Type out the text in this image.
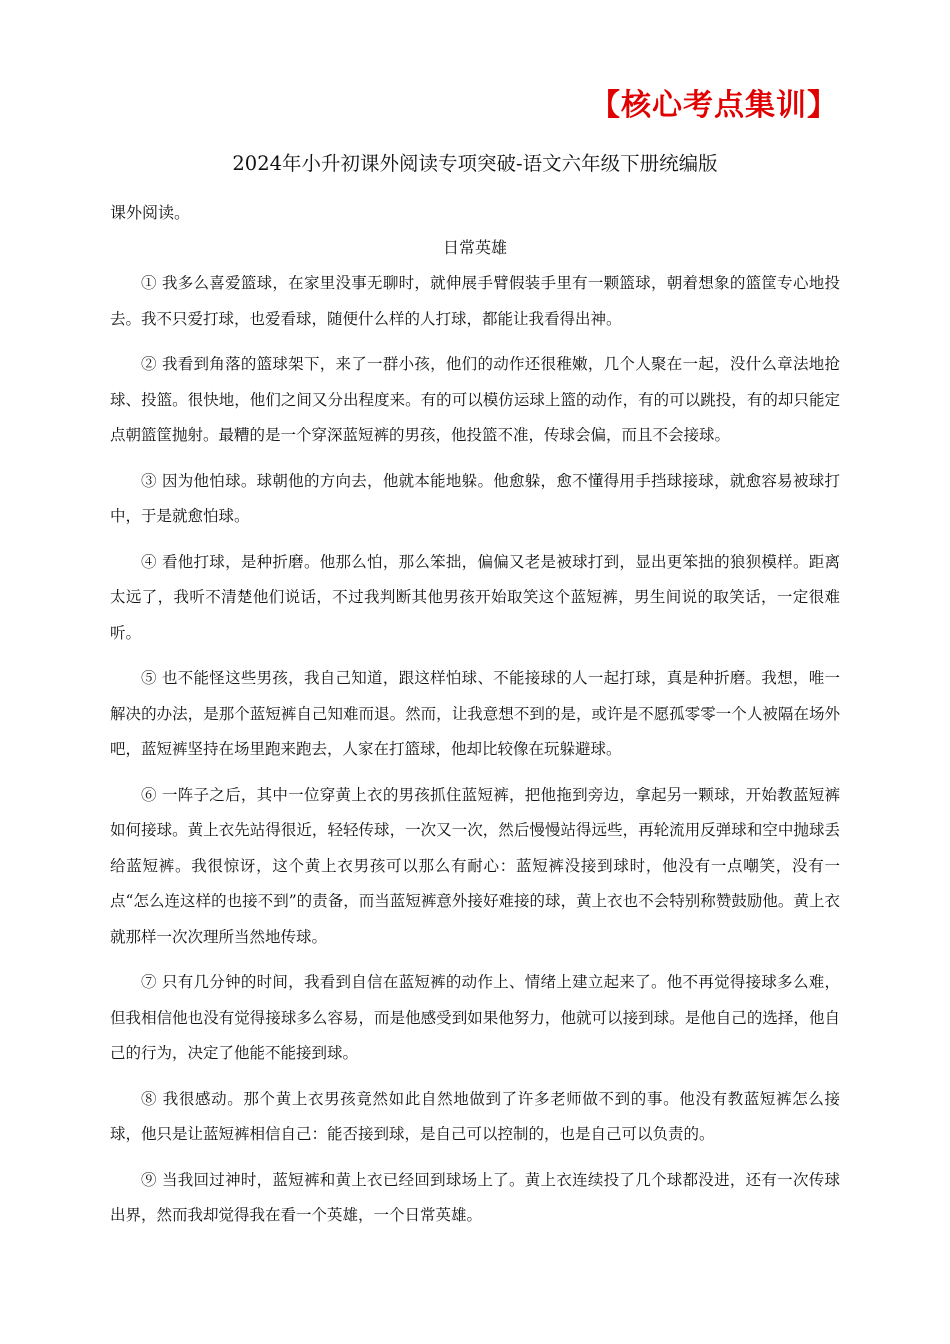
【核心考点集训】
2024年小升初课外阅读专项突破-语文六年级下册统编版
课外阅读。
日常英雄

① 我多么喜爱篮球，在家里没事无聊时，就伸展手臂假装手里有一颗篮球，朝着想象的篮筐专心地投去。我不只爱打球，也爱看球，随便什么样的人打球，都能让我看得出神。

② 我看到角落的篮球架下，来了一群小孩，他们的动作还很稚嫩，几个人聚在一起，没什么章法地抢球、投篮。很快地，他们之间又分出程度来。有的可以模仿运球上篮的动作，有的可以跳投，有的却只能定点朝篮筐抛射。最糟的是一个穿深蓝短裤的男孩，他投篮不准，传球会偏，而且不会接球。

③ 因为他怕球。球朝他的方向去，他就本能地躲。他愈躲，愈不懂得用手挡球接球，就愈容易被球打中，于是就愈怕球。

④ 看他打球，是种折磨。他那么怕，那么笨拙，偏偏又老是被球打到，显出更笨拙的狼狈模样。距离太远了，我听不清楚他们说话，不过我判断其他男孩开始取笑这个蓝短裤，男生间说的取笑话，一定很难听。

⑤ 也不能怪这些男孩，我自己知道，跟这样怕球、不能接球的人一起打球，真是种折磨。我想，唯一解决的办法，是那个蓝短裤自己知难而退。然而，让我意想不到的是，或许是不愿孤零零一个人被隔在场外吧，蓝短裤坚持在场里跑来跑去，人家在打篮球，他却比较像在玩躲避球。

⑥ 一阵子之后，其中一位穿黄上衣的男孩抓住蓝短裤，把他拖到旁边，拿起另一颗球，开始教蓝短裤如何接球。黄上衣先站得很近，轻轻传球，一次又一次，然后慢慢站得远些，再轮流用反弹球和空中抛球丢给蓝短裤。我很惊讶，这个黄上衣男孩可以那么有耐心：蓝短裤没接到球时，他没有一点嘲笑，没有一点“怎么连这样的也接不到”的责备，而当蓝短裤意外接好难接的球，黄上衣也不会特别称赞鼓励他。黄上衣就那样一次次理所当然地传球。

⑦ 只有几分钟的时间，我看到自信在蓝短裤的动作上、情绪上建立起来了。他不再觉得接球多么难，但我相信他也没有觉得接球多么容易，而是他感受到如果他努力，他就可以接到球。是他自己的选择，他自己的行为，决定了他能不能接到球。

⑧ 我很感动。那个黄上衣男孩竟然如此自然地做到了许多老师做不到的事。他没有教蓝短裤怎么接球，他只是让蓝短裤相信自己：能否接到球，是自己可以控制的，也是自己可以负责的。

⑨ 当我回过神时，蓝短裤和黄上衣已经回到球场上了。黄上衣连续投了几个球都没进，还有一次传球出界，然而我却觉得我在看一个英雄，一个日常英雄。
